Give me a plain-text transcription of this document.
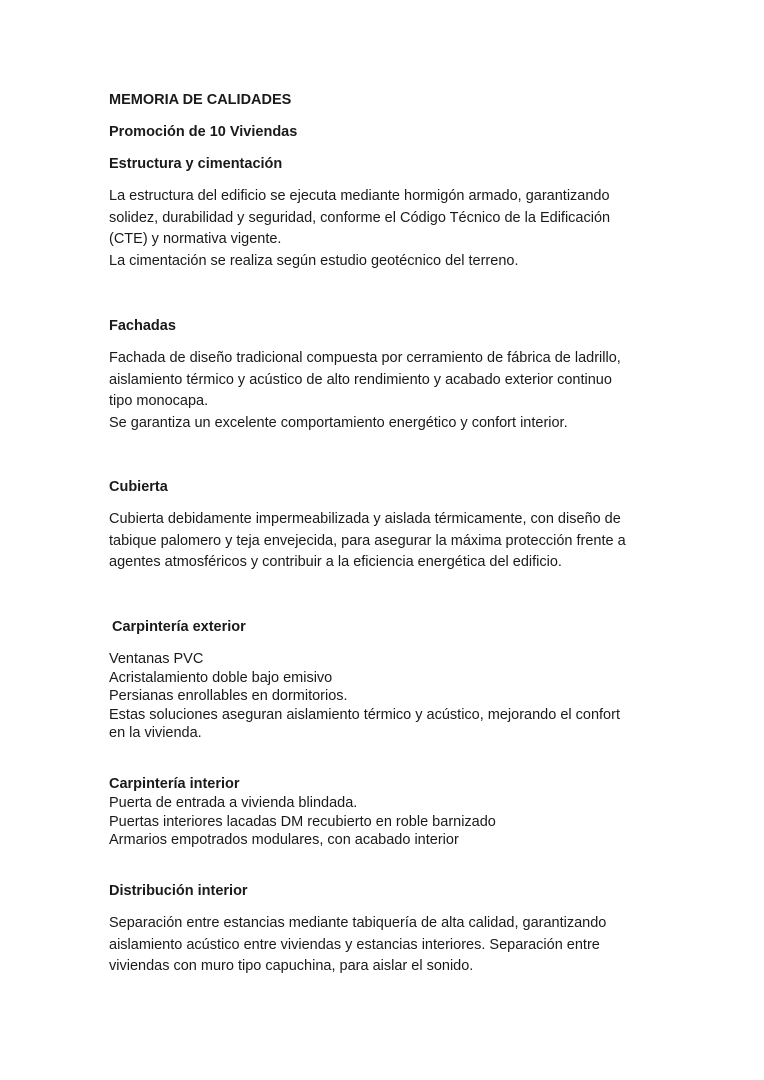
MEMORIA DE CALIDADES
Promoción de 10 Viviendas
Estructura y cimentación
La estructura del edificio se ejecuta mediante hormigón armado, garantizando
solidez, durabilidad y seguridad, conforme el Código Técnico de la Edificación
(CTE) y normativa vigente.
La cimentación se realiza según estudio geotécnico del terreno.
Fachadas
Fachada de diseño tradicional compuesta por cerramiento de fábrica de ladrillo,
aislamiento térmico y acústico de alto rendimiento y acabado exterior continuo
tipo monocapa.
Se garantiza un excelente comportamiento energético y confort interior.
Cubierta
Cubierta debidamente impermeabilizada y aislada térmicamente, con diseño de
tabique palomero y teja envejecida, para asegurar la máxima protección frente a
agentes atmosféricos y contribuir a la eficiencia energética del edificio.
Carpintería exterior
Ventanas PVC
Acristalamiento doble bajo emisivo
Persianas enrollables en dormitorios.
Estas soluciones aseguran aislamiento térmico y acústico, mejorando el confort
en la vivienda.
Carpintería interior
Puerta de entrada a vivienda blindada.
Puertas interiores lacadas DM recubierto en roble barnizado
Armarios empotrados modulares, con acabado interior
Distribución interior
Separación entre estancias mediante tabiquería de alta calidad, garantizando
aislamiento acústico entre viviendas y estancias interiores. Separación entre
viviendas con muro tipo capuchina, para aislar el sonido.
